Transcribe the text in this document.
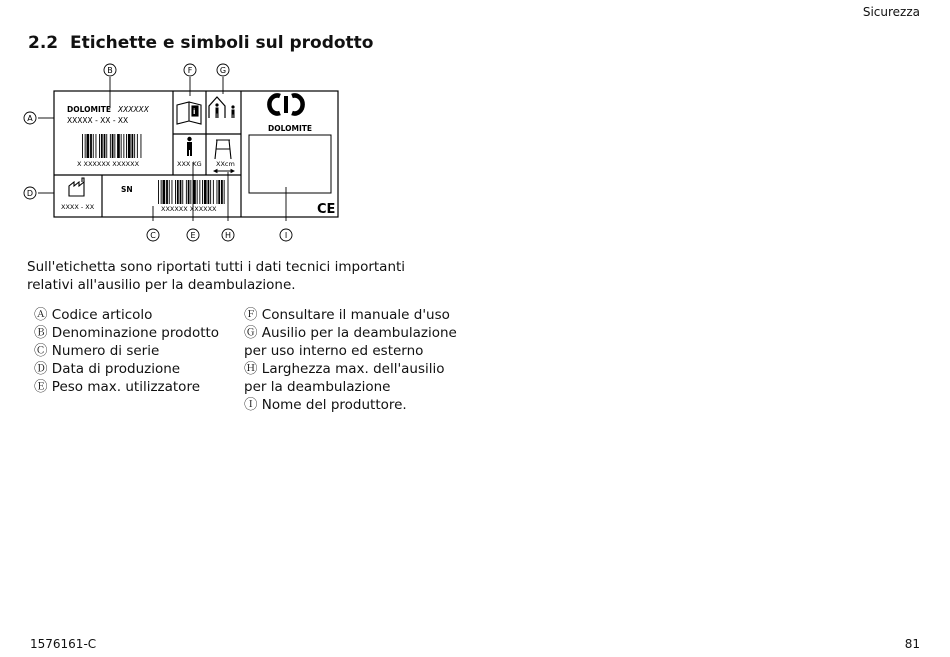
Sicurezza
2.2 Etichette e simboli sul prodotto
DOLOMITE XXXXXX
XXXXX - XX - XX
X XXXXXX XXXXXX
i
XXX KG XXcm
XXXX - XX
SN
XXXXXX XXXXXX
DOLOMITE
CE
A
B
C
D
E
F	G
H	I
Sull'etichetta sono riportati tutti i dati tecnici importanti relativi all'ausilio per la deambulazione.
Ⓐ Codice articolo
Ⓑ Denominazione prodotto
Ⓒ Numero di serie
Ⓓ Data di produzione
Ⓔ Peso max. utilizzatore
Ⓕ Consultare il manuale d'uso
Ⓖ Ausilio per la deambulazione
per uso interno ed esterno
Ⓗ Larghezza max. dell'ausilio
per la deambulazione
Ⓘ Nome del produttore.
1576161-C	81
